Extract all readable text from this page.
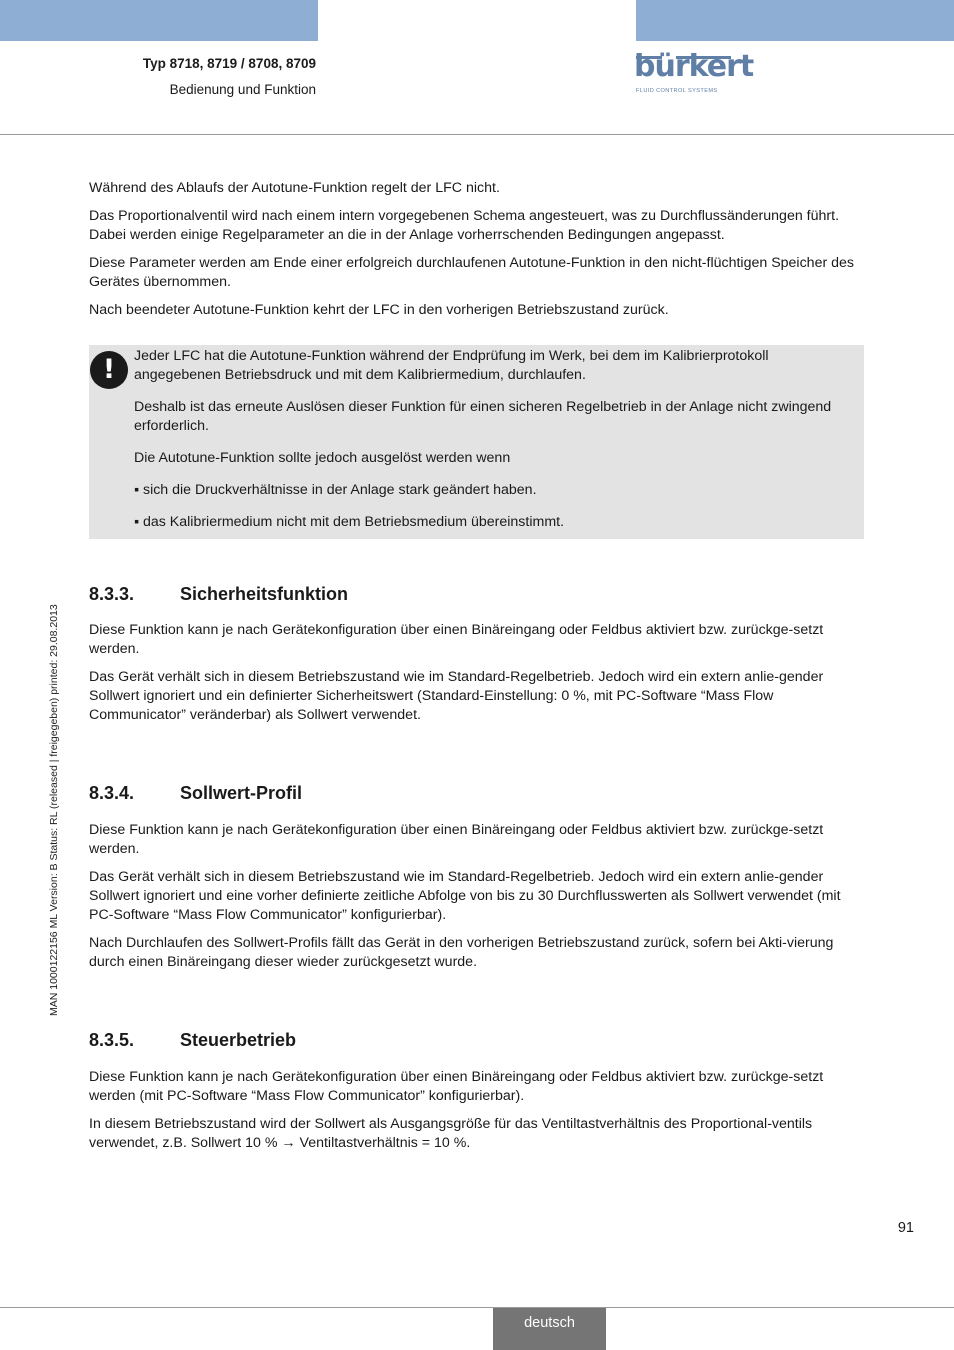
Typ 8718, 8719 / 8708, 8709
Bedienung und Funktion
bürkert
FLUID CONTROL SYSTEMS
MAN 1000122156 ML Version: B Status: RL (released | freigegeben) printed: 29.08.2013

Während des Ablaufs der Autotune-Funktion regelt der LFC nicht.

Das Proportionalventil wird nach einem intern vorgegebenen Schema angesteuert, was zu Durchflussänderungen führt. Dabei werden einige Regelparameter an die in der Anlage vorherrschenden Bedingungen angepasst.

Diese Parameter werden am Ende einer erfolgreich durchlaufenen Autotune-Funktion in den nicht-flüchtigen Speicher des Gerätes übernommen.

Nach beendeter Autotune-Funktion kehrt der LFC in den vorherigen Betriebszustand zurück.

!	Jeder LFC hat die Autotune-Funktion während der Endprüfung im Werk, bei dem im Kalibrierprotokoll angegebenen Betriebsdruck und mit dem Kalibriermedium, durchlaufen.

Deshalb ist das erneute Auslösen dieser Funktion für einen sicheren Regelbetrieb in der Anlage nicht zwingend erforderlich.

Die Autotune-Funktion sollte jedoch ausgelöst werden wenn

▪ sich die Druckverhältnisse in der Anlage stark geändert haben.

▪ das Kalibriermedium nicht mit dem Betriebsmedium übereinstimmt.

8.3.3.	Sicherheitsfunktion

Diese Funktion kann je nach Gerätekonfiguration über einen Binäreingang oder Feldbus aktiviert bzw. zurückge-setzt werden.

Das Gerät verhält sich in diesem Betriebszustand wie im Standard-Regelbetrieb. Jedoch wird ein extern anlie-gender Sollwert ignoriert und ein definierter Sicherheitswert (Standard-Einstellung: 0 %, mit PC-Software “Mass Flow Communicator” veränderbar) als Sollwert verwendet.

8.3.4.	Sollwert-Profil

Diese Funktion kann je nach Gerätekonfiguration über einen Binäreingang oder Feldbus aktiviert bzw. zurückge-setzt werden.

Das Gerät verhält sich in diesem Betriebszustand wie im Standard-Regelbetrieb. Jedoch wird ein extern anlie-gender Sollwert ignoriert und eine vorher definierte zeitliche Abfolge von bis zu 30 Durchflusswerten als Sollwert verwendet (mit PC-Software “Mass Flow Communicator” konfigurierbar).

Nach Durchlaufen des Sollwert-Profils fällt das Gerät in den vorherigen Betriebszustand zurück, sofern bei Akti-vierung durch einen Binäreingang dieser wieder zurückgesetzt wurde.

8.3.5.	Steuerbetrieb

Diese Funktion kann je nach Gerätekonfiguration über einen Binäreingang oder Feldbus aktiviert bzw. zurückge-setzt werden (mit PC-Software “Mass Flow Communicator” konfigurierbar).

In diesem Betriebszustand wird der Sollwert als Ausgangsgröße für das Ventiltastverhältnis des Proportional-ventils verwendet, z.B. Sollwert 10 % → Ventiltastverhältnis = 10 %.

91
deutsch
